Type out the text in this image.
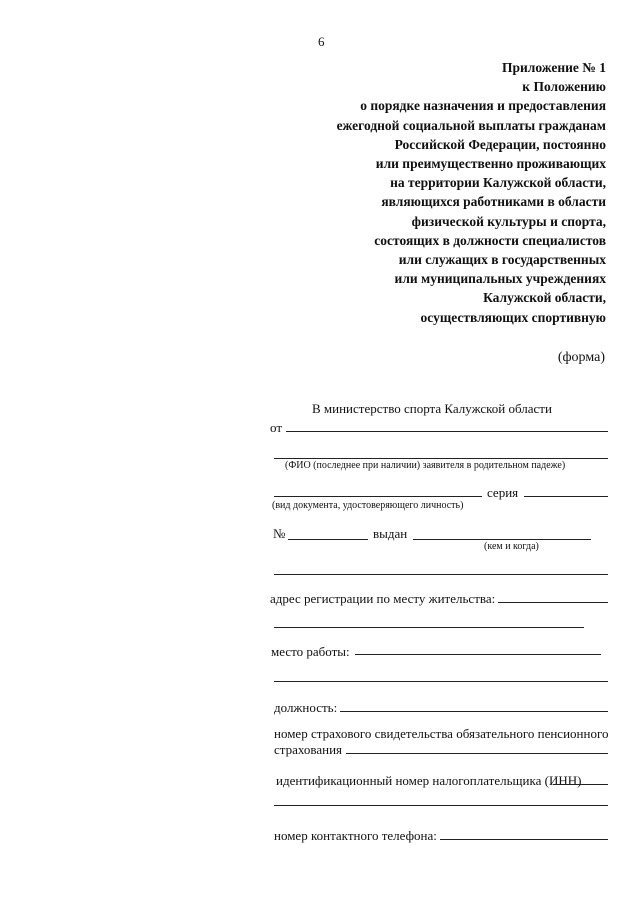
6
Приложение № 1
к Положению
о порядке назначения и предоставления
ежегодной социальной выплаты гражданам
Российской Федерации, постоянно
или преимущественно проживающих
на территории Калужской области,
являющихся работниками в области
физической культуры и спорта,
состоящих в должности специалистов
или служащих в государственных
или муниципальных учреждениях
Калужской области,
осуществляющих спортивную
(форма)
В министерство спорта Калужской области
от
(ФИО (последнее при наличии) заявителя в родительном падеже)
серия
(вид документа, удостоверяющего личность)
№	выдан
(кем и когда)
адрес регистрации по месту жительства:
место работы:
должность:
номер страхового свидетельства обязательного пенсионного
страхования
идентификационный номер налогоплательщика (ИНН)
номер контактного телефона:
